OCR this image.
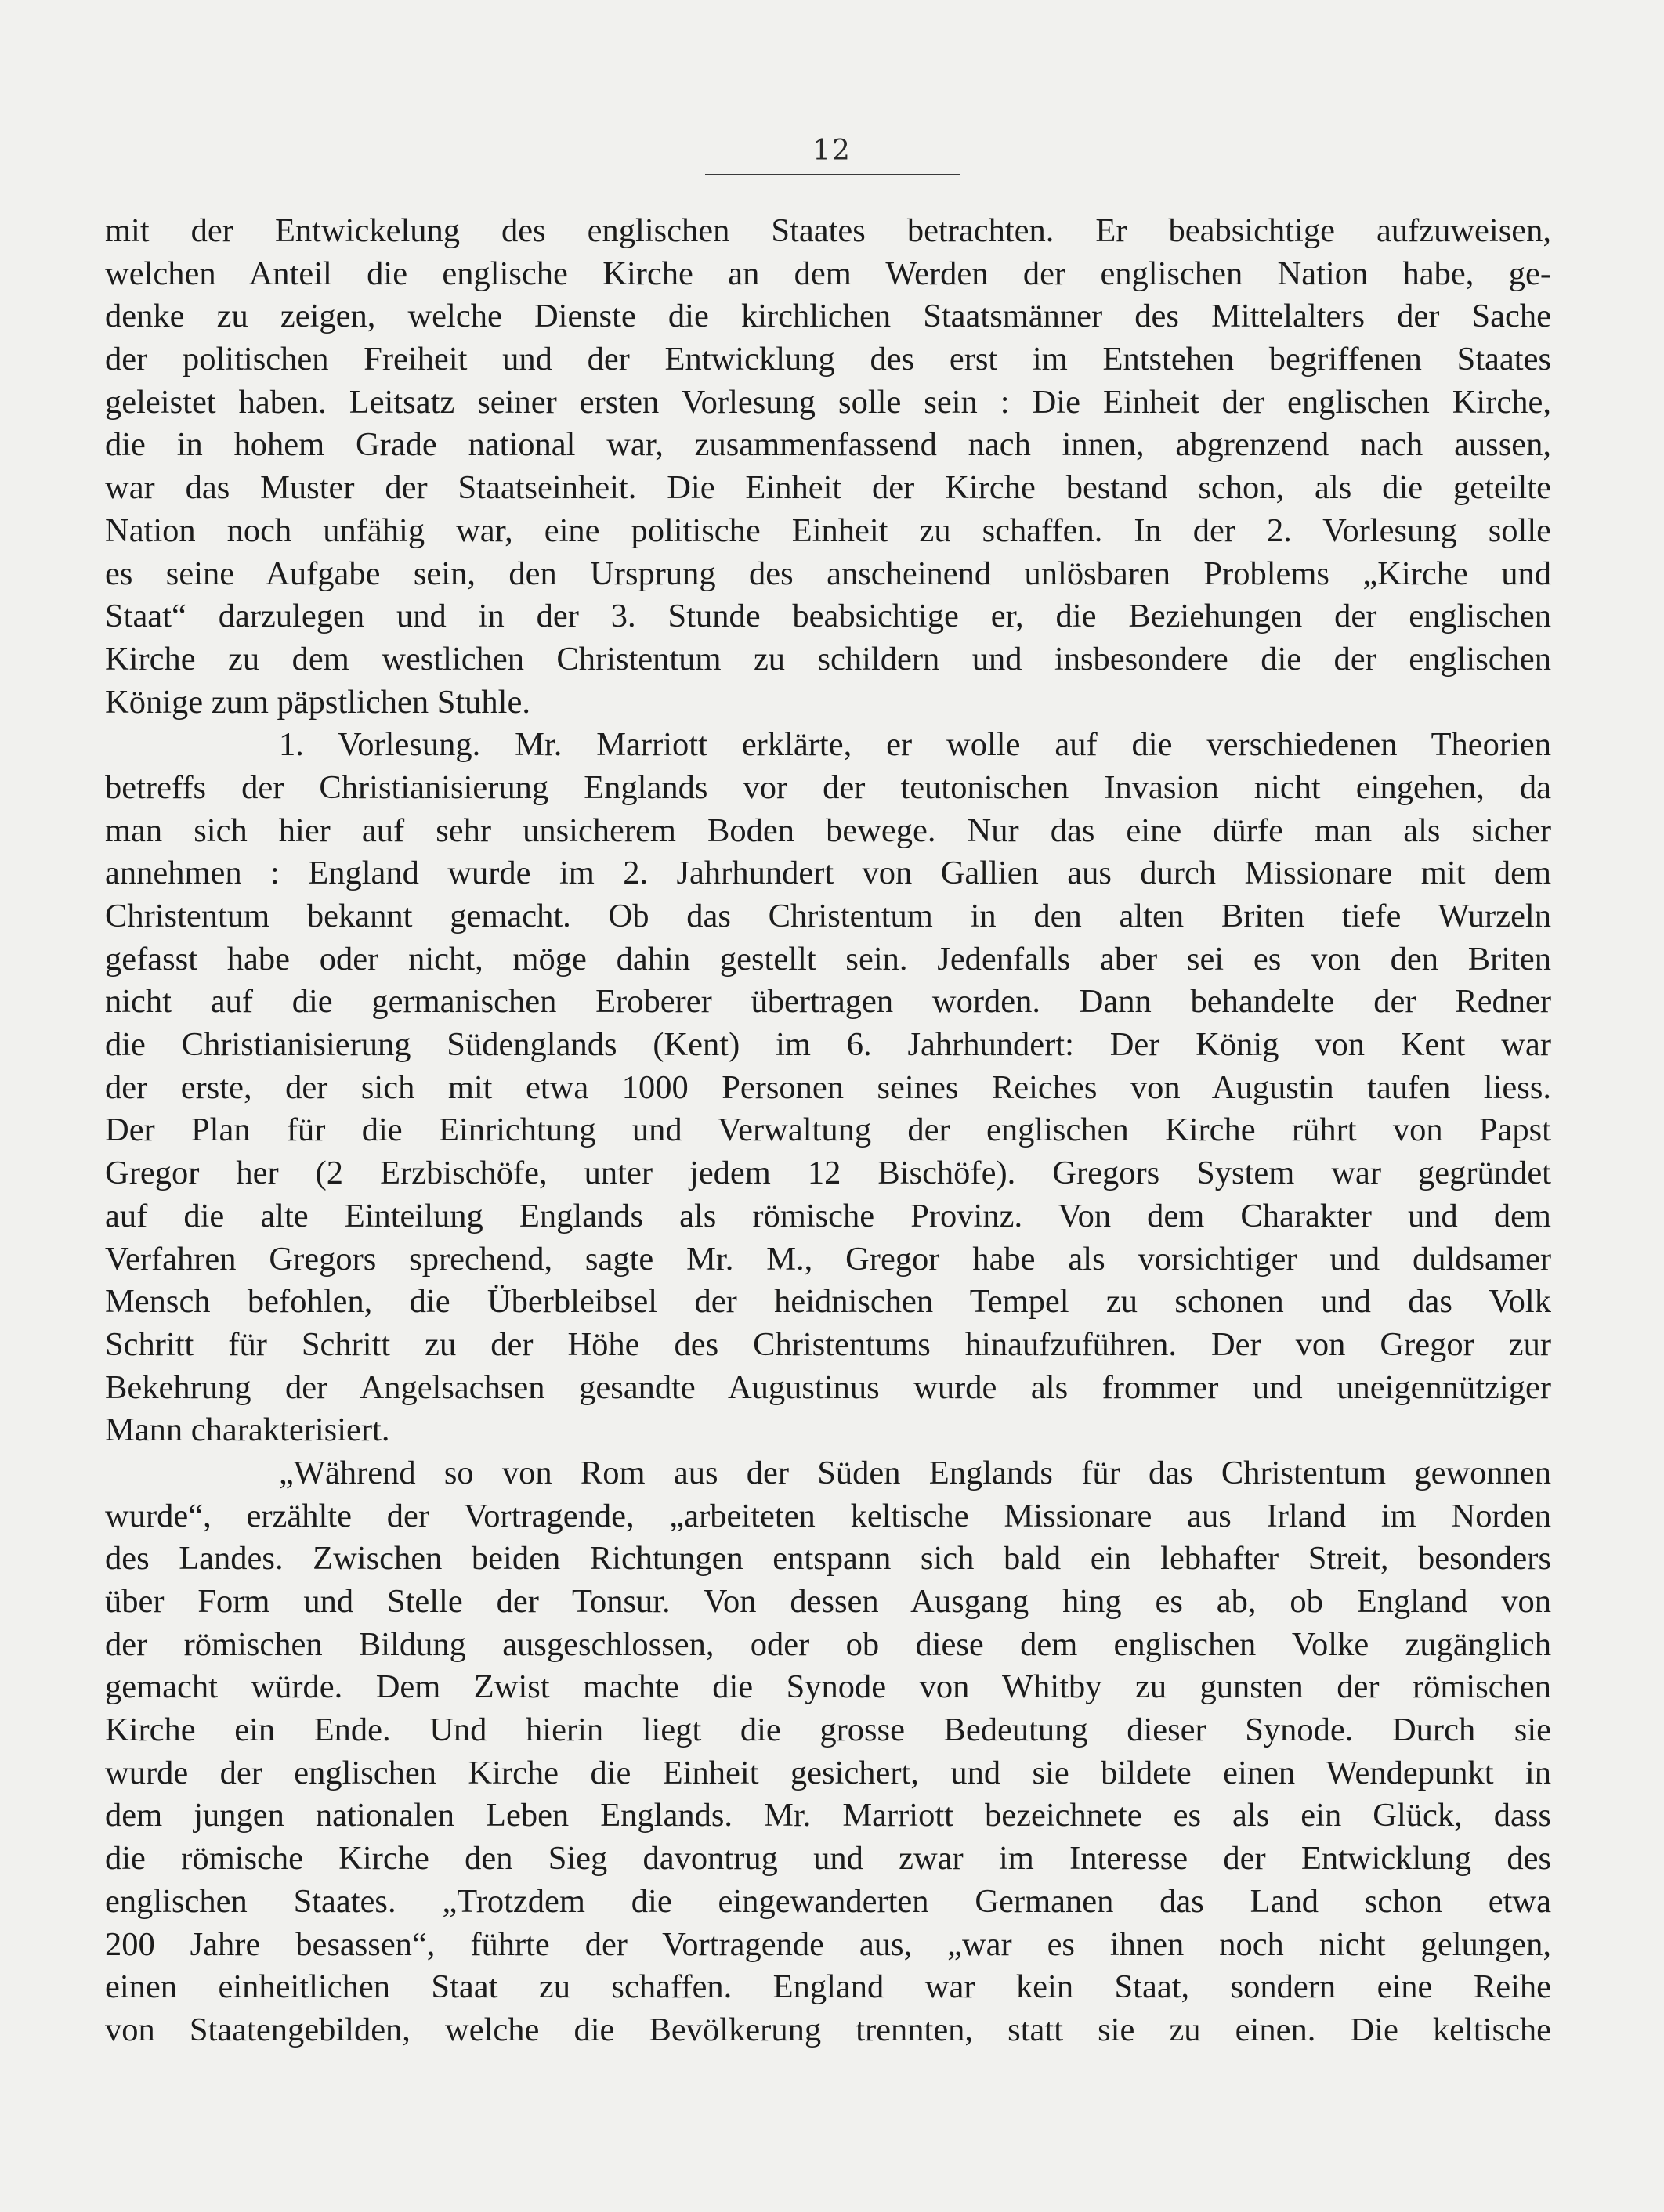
12
mit der Entwickelung des englischen Staates betrachten. Er beabsichtige aufzuweisen,
welchen Anteil die englische Kirche an dem Werden der englischen Nation habe, ge-
denke zu zeigen, welche Dienste die kirchlichen Staatsmänner des Mittelalters der Sache
der politischen Freiheit und der Entwicklung des erst im Entstehen begriffenen Staates
geleistet haben. Leitsatz seiner ersten Vorlesung solle sein : Die Einheit der englischen Kirche,
die in hohem Grade national war, zusammenfassend nach innen, abgrenzend nach aussen,
war das Muster der Staatseinheit. Die Einheit der Kirche bestand schon, als die geteilte
Nation noch unfähig war, eine politische Einheit zu schaffen. In der 2. Vorlesung solle
es seine Aufgabe sein, den Ursprung des anscheinend unlösbaren Problems „Kirche und
Staat“ darzulegen und in der 3. Stunde beabsichtige er, die Beziehungen der englischen
Kirche zu dem westlichen Christentum zu schildern und insbesondere die der englischen
Könige zum päpstlichen Stuhle.
1. Vorlesung. Mr. Marriott erklärte, er wolle auf die verschiedenen Theorien
betreffs der Christianisierung Englands vor der teutonischen Invasion nicht eingehen, da
man sich hier auf sehr unsicherem Boden bewege. Nur das eine dürfe man als sicher
annehmen : England wurde im 2. Jahrhundert von Gallien aus durch Missionare mit dem
Christentum bekannt gemacht. Ob das Christentum in den alten Briten tiefe Wurzeln
gefasst habe oder nicht, möge dahin gestellt sein. Jedenfalls aber sei es von den Briten
nicht auf die germanischen Eroberer übertragen worden. Dann behandelte der Redner
die Christianisierung Südenglands (Kent) im 6. Jahrhundert: Der König von Kent war
der erste, der sich mit etwa 1000 Personen seines Reiches von Augustin taufen liess.
Der Plan für die Einrichtung und Verwaltung der englischen Kirche rührt von Papst
Gregor her (2 Erzbischöfe, unter jedem 12 Bischöfe). Gregors System war gegründet
auf die alte Einteilung Englands als römische Provinz. Von dem Charakter und dem
Verfahren Gregors sprechend, sagte Mr. M., Gregor habe als vorsichtiger und duldsamer
Mensch befohlen, die Überbleibsel der heidnischen Tempel zu schonen und das Volk
Schritt für Schritt zu der Höhe des Christentums hinaufzuführen. Der von Gregor zur
Bekehrung der Angelsachsen gesandte Augustinus wurde als frommer und uneigennütziger
Mann charakterisiert.
„Während so von Rom aus der Süden Englands für das Christentum gewonnen
wurde“, erzählte der Vortragende, „arbeiteten keltische Missionare aus Irland im Norden
des Landes. Zwischen beiden Richtungen entspann sich bald ein lebhafter Streit, besonders
über Form und Stelle der Tonsur. Von dessen Ausgang hing es ab, ob England von
der römischen Bildung ausgeschlossen, oder ob diese dem englischen Volke zugänglich
gemacht würde. Dem Zwist machte die Synode von Whitby zu gunsten der römischen
Kirche ein Ende. Und hierin liegt die grosse Bedeutung dieser Synode. Durch sie
wurde der englischen Kirche die Einheit gesichert, und sie bildete einen Wendepunkt in
dem jungen nationalen Leben Englands. Mr. Marriott bezeichnete es als ein Glück, dass
die römische Kirche den Sieg davontrug und zwar im Interesse der Entwicklung des
englischen Staates. „Trotzdem die eingewanderten Germanen das Land schon etwa
200 Jahre besassen“, führte der Vortragende aus, „war es ihnen noch nicht gelungen,
einen einheitlichen Staat zu schaffen. England war kein Staat, sondern eine Reihe
von Staatengebilden, welche die Bevölkerung trennten, statt sie zu einen. Die keltische
